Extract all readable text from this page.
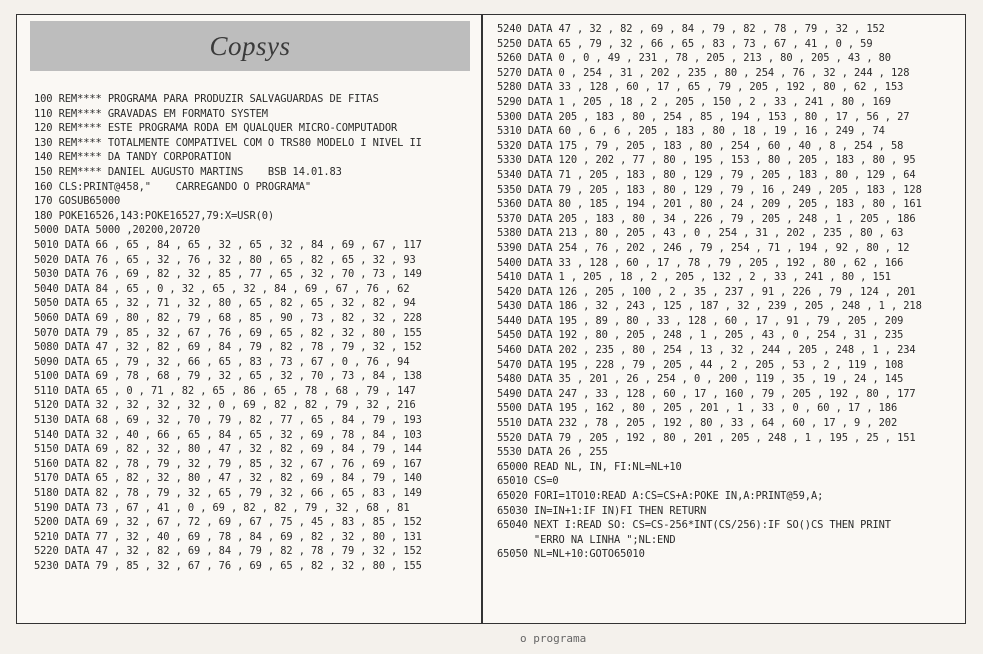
Copsys
100 REM**** PROGRAMA PARA PRODUZIR SALVAGUARDAS DE FITAS
110 REM**** GRAVADAS EM FORMATO SYSTEM
120 REM**** ESTE PROGRAMA RODA EM QUALQUER MICRO-COMPUTADOR
130 REM**** TOTALMENTE COMPATIVEL COM O TRS80 MODELO I NIVEL II
140 REM**** DA TANDY CORPORATION
150 REM**** DANIEL AUGUSTO MARTINS    BSB 14.01.83
160 CLS:PRINT@458,"    CARREGANDO O PROGRAMA"
170 GOSUB65000
180 POKE16526,143:POKE16527,79:X=USR(0)
5000 DATA 5000 ,20200,20720
5010 DATA 66 , 65 , 84 , 65 , 32 , 65 , 32 , 84 , 69 , 67 , 117
5020 DATA 76 , 65 , 32 , 76 , 32 , 80 , 65 , 82 , 65 , 32 , 93
5030 DATA 76 , 69 , 82 , 32 , 85 , 77 , 65 , 32 , 70 , 73 , 149
5040 DATA 84 , 65 , 0 , 32 , 65 , 32 , 84 , 69 , 67 , 76 , 62
5050 DATA 65 , 32 , 71 , 32 , 80 , 65 , 82 , 65 , 32 , 82 , 94
5060 DATA 69 , 80 , 82 , 79 , 68 , 85 , 90 , 73 , 82 , 32 , 228
5070 DATA 79 , 85 , 32 , 67 , 76 , 69 , 65 , 82 , 32 , 80 , 155
5080 DATA 47 , 32 , 82 , 69 , 84 , 79 , 82 , 78 , 79 , 32 , 152
5090 DATA 65 , 79 , 32 , 66 , 65 , 83 , 73 , 67 , 0 , 76 , 94
5100 DATA 69 , 78 , 68 , 79 , 32 , 65 , 32 , 70 , 73 , 84 , 138
5110 DATA 65 , 0 , 71 , 82 , 65 , 86 , 65 , 78 , 68 , 79 , 147
5120 DATA 32 , 32 , 32 , 32 , 0 , 69 , 82 , 82 , 79 , 32 , 216
5130 DATA 68 , 69 , 32 , 70 , 79 , 82 , 77 , 65 , 84 , 79 , 193
5140 DATA 32 , 40 , 66 , 65 , 84 , 65 , 32 , 69 , 78 , 84 , 103
5150 DATA 69 , 82 , 32 , 80 , 47 , 32 , 82 , 69 , 84 , 79 , 144
5160 DATA 82 , 78 , 79 , 32 , 79 , 85 , 32 , 67 , 76 , 69 , 167
5170 DATA 65 , 82 , 32 , 80 , 47 , 32 , 82 , 69 , 84 , 79 , 140
5180 DATA 82 , 78 , 79 , 32 , 65 , 79 , 32 , 66 , 65 , 83 , 149
5190 DATA 73 , 67 , 41 , 0 , 69 , 82 , 82 , 79 , 32 , 68 , 81
5200 DATA 69 , 32 , 67 , 72 , 69 , 67 , 75 , 45 , 83 , 85 , 152
5210 DATA 77 , 32 , 40 , 69 , 78 , 84 , 69 , 82 , 32 , 80 , 131
5220 DATA 47 , 32 , 82 , 69 , 84 , 79 , 82 , 78 , 79 , 32 , 152
5230 DATA 79 , 85 , 32 , 67 , 76 , 69 , 65 , 82 , 32 , 80 , 155
5240 DATA 47 , 32 , 82 , 69 , 84 , 79 , 82 , 78 , 79 , 32 , 152
5250 DATA 65 , 79 , 32 , 66 , 65 , 83 , 73 , 67 , 41 , 0 , 59
5260 DATA 0 , 0 , 49 , 231 , 78 , 205 , 213 , 80 , 205 , 43 , 80
5270 DATA 0 , 254 , 31 , 202 , 235 , 80 , 254 , 76 , 32 , 244 , 128
5280 DATA 33 , 128 , 60 , 17 , 65 , 79 , 205 , 192 , 80 , 62 , 153
5290 DATA 1 , 205 , 18 , 2 , 205 , 150 , 2 , 33 , 241 , 80 , 169
5300 DATA 205 , 183 , 80 , 254 , 85 , 194 , 153 , 80 , 17 , 56 , 27
5310 DATA 60 , 6 , 6 , 205 , 183 , 80 , 18 , 19 , 16 , 249 , 74
5320 DATA 175 , 79 , 205 , 183 , 80 , 254 , 60 , 40 , 8 , 254 , 58
5330 DATA 120 , 202 , 77 , 80 , 195 , 153 , 80 , 205 , 183 , 80 , 95
5340 DATA 71 , 205 , 183 , 80 , 129 , 79 , 205 , 183 , 80 , 129 , 64
5350 DATA 79 , 205 , 183 , 80 , 129 , 79 , 16 , 249 , 205 , 183 , 128
5360 DATA 80 , 185 , 194 , 201 , 80 , 24 , 209 , 205 , 183 , 80 , 161
5370 DATA 205 , 183 , 80 , 34 , 226 , 79 , 205 , 248 , 1 , 205 , 186
5380 DATA 213 , 80 , 205 , 43 , 0 , 254 , 31 , 202 , 235 , 80 , 63
5390 DATA 254 , 76 , 202 , 246 , 79 , 254 , 71 , 194 , 92 , 80 , 12
5400 DATA 33 , 128 , 60 , 17 , 78 , 79 , 205 , 192 , 80 , 62 , 166
5410 DATA 1 , 205 , 18 , 2 , 205 , 132 , 2 , 33 , 241 , 80 , 151
5420 DATA 126 , 205 , 100 , 2 , 35 , 237 , 91 , 226 , 79 , 124 , 201
5430 DATA 186 , 32 , 243 , 125 , 187 , 32 , 239 , 205 , 248 , 1 , 218
5440 DATA 195 , 89 , 80 , 33 , 128 , 60 , 17 , 91 , 79 , 205 , 209
5450 DATA 192 , 80 , 205 , 248 , 1 , 205 , 43 , 0 , 254 , 31 , 235
5460 DATA 202 , 235 , 80 , 254 , 13 , 32 , 244 , 205 , 248 , 1 , 234
5470 DATA 195 , 228 , 79 , 205 , 44 , 2 , 205 , 53 , 2 , 119 , 108
5480 DATA 35 , 201 , 26 , 254 , 0 , 200 , 119 , 35 , 19 , 24 , 145
5490 DATA 247 , 33 , 128 , 60 , 17 , 160 , 79 , 205 , 192 , 80 , 177
5500 DATA 195 , 162 , 80 , 205 , 201 , 1 , 33 , 0 , 60 , 17 , 186
5510 DATA 232 , 78 , 205 , 192 , 80 , 33 , 64 , 60 , 17 , 9 , 202
5520 DATA 79 , 205 , 192 , 80 , 201 , 205 , 248 , 1 , 195 , 25 , 151
5530 DATA 26 , 255
65000 READ NL, IN, FI:NL=NL+10
65010 CS=0
65020 FORI=1TO10:READ A:CS=CS+A:POKE IN,A:PRINT@59,A;
65030 IN=IN+1:IF IN)FI THEN RETURN
65040 NEXT I:READ SO: CS=CS-256*INT(CS/256):IF SO()CS THEN PRINT
"ERRO NA LINHA ";NL:END
65050 NL=NL+10:GOTO65010
o programa
